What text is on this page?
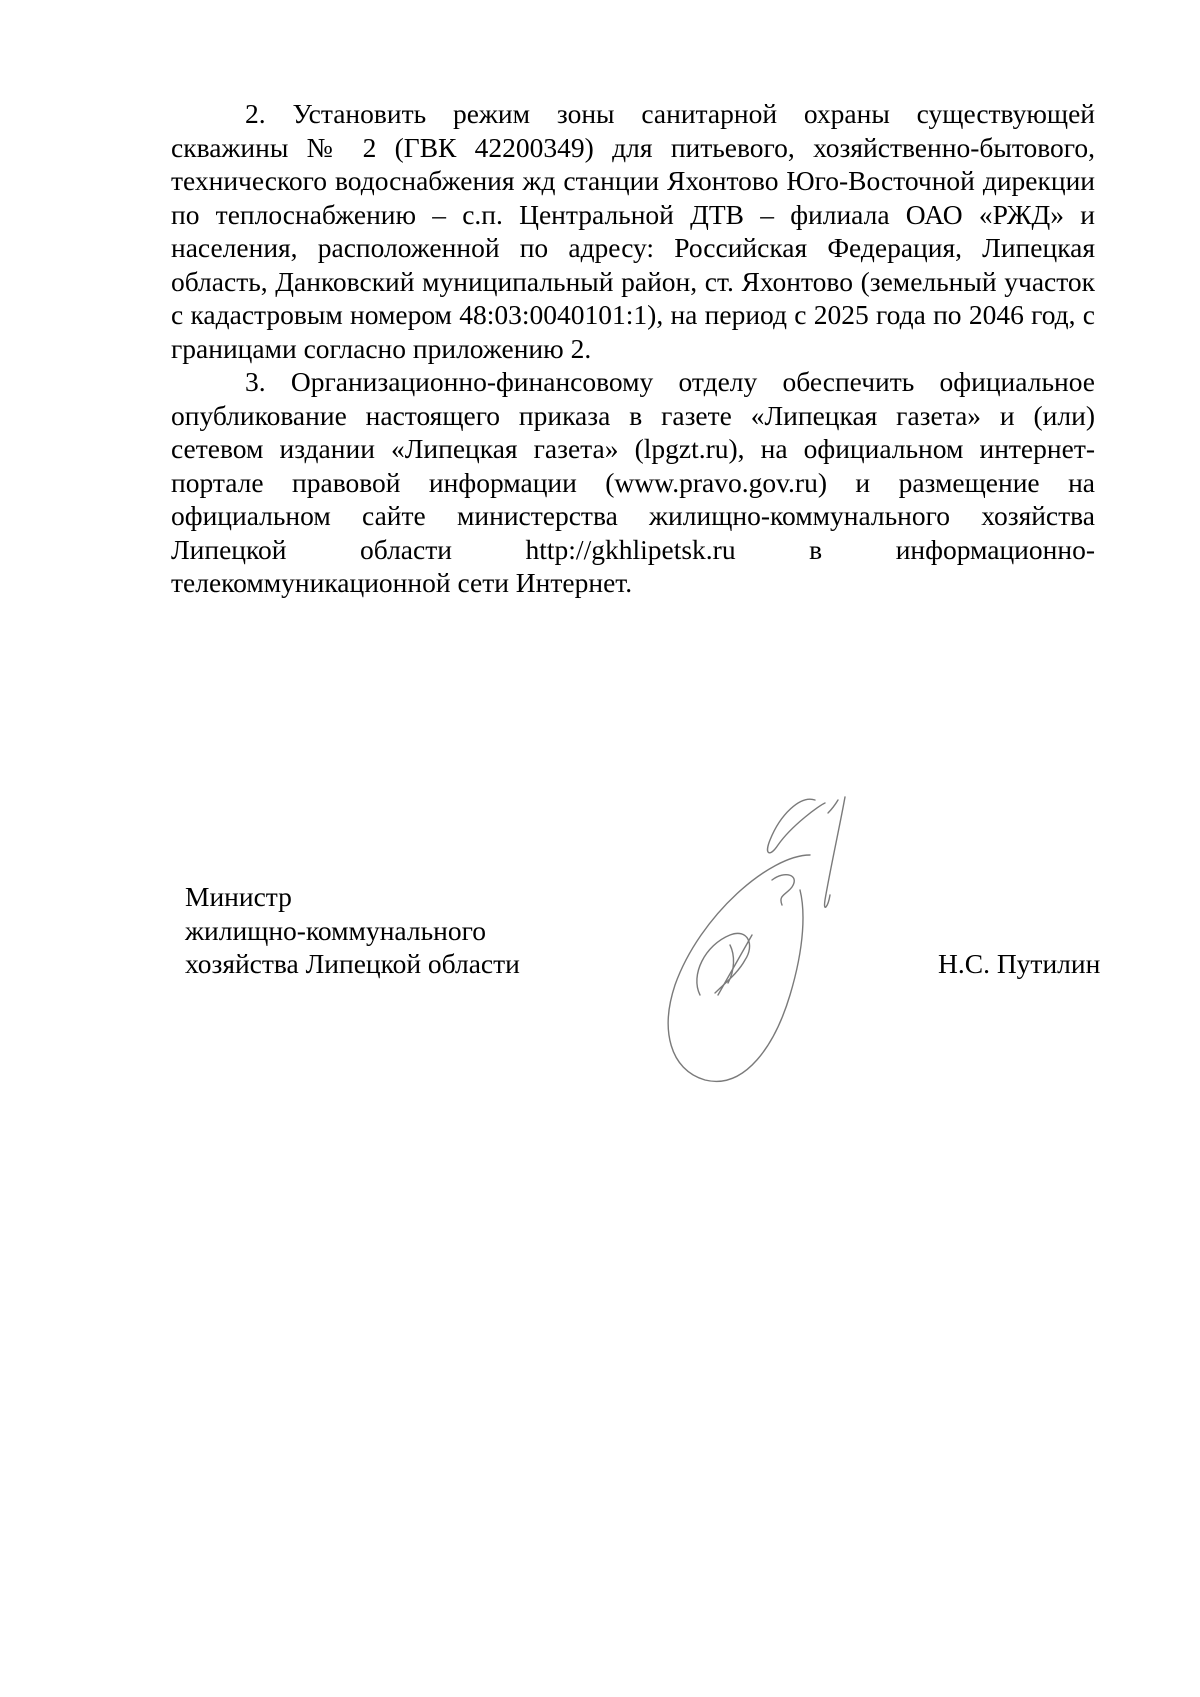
2. Установить режим зоны санитарной охраны существующей скважины № 2 (ГВК 42200349) для питьевого, хозяйственно-бытового, технического водоснабжения жд станции Яхонтово Юго-Восточной дирекции по теплоснабжению – с.п. Центральной ДТВ – филиала ОАО «РЖД» и населения, расположенной по адресу: Российская Федерация, Липецкая область, Данковский муниципальный район, ст. Яхонтово (земельный участок с кадастровым номером 48:03:0040101:1), на период с 2025 года по 2046 год, с границами согласно приложению 2.

3. Организационно-финансовому отделу обеспечить официальное опубликование настоящего приказа в газете «Липецкая газета» и (или) сетевом издании «Липецкая газета» (lpgzt.ru), на официальном интернет-портале правовой информации (www.pravo.gov.ru) и размещение на официальном сайте министерства жилищно-коммунального хозяйства Липецкой области http://gkhlipetsk.ru в информационно-телекоммуникационной сети Интернет.

Министр
жилищно-коммунального
хозяйства Липецкой области	Н.С. Путилин
